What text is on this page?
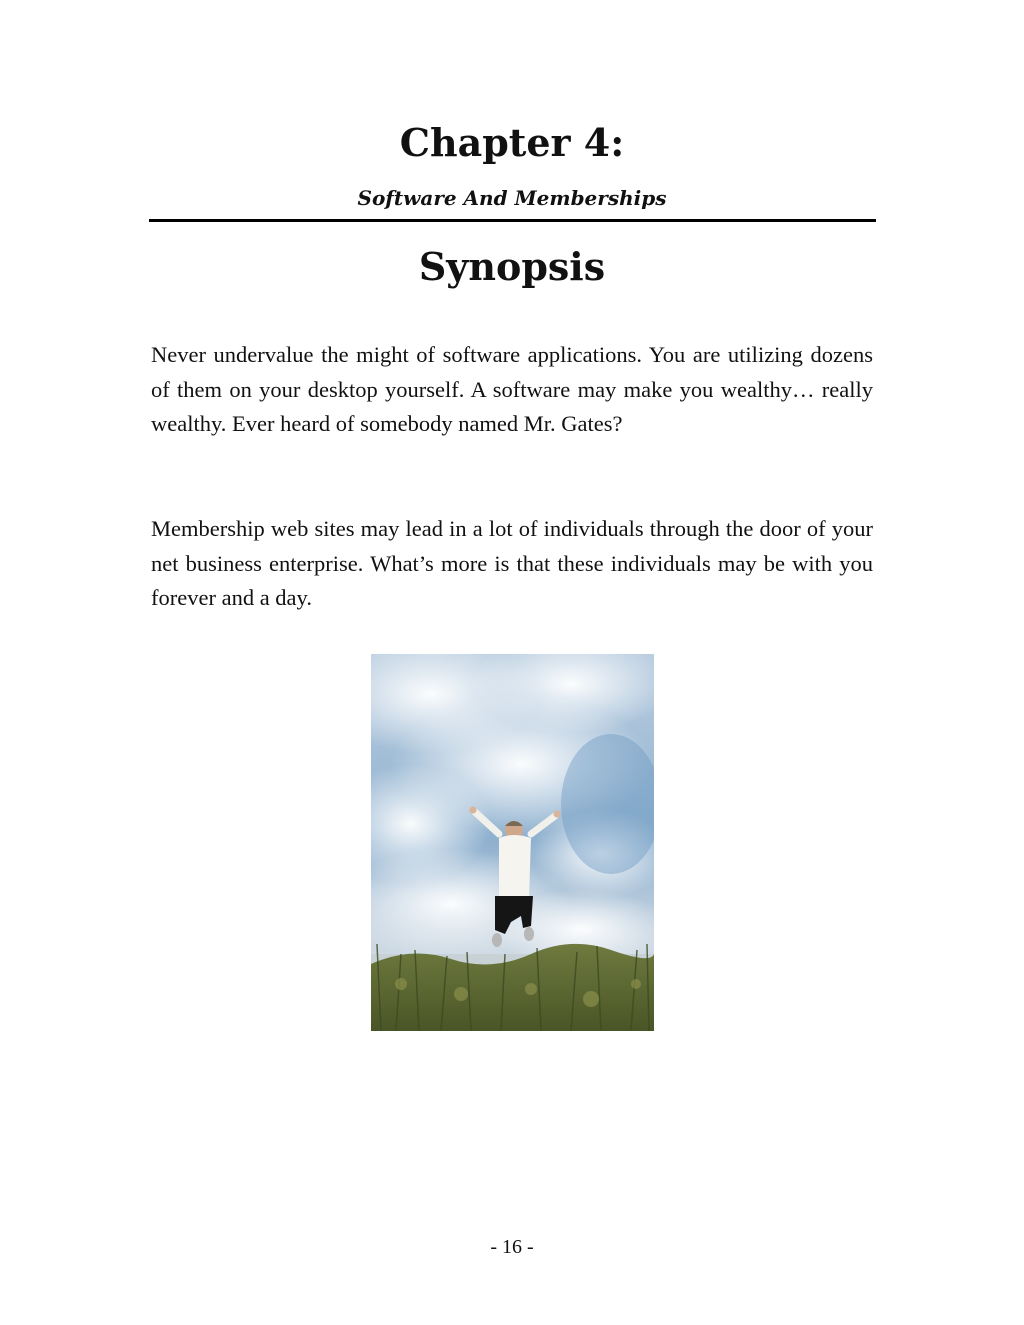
Chapter 4:
Software And Memberships
Synopsis

Never undervalue the might of software applications. You are utilizing dozens of them on your desktop yourself. A software may make you wealthy… really wealthy. Ever heard of somebody named Mr. Gates?

Membership web sites may lead in a lot of individuals through the door of your net business enterprise. What’s more is that these individuals may be with you forever and a day.

- 16 -
